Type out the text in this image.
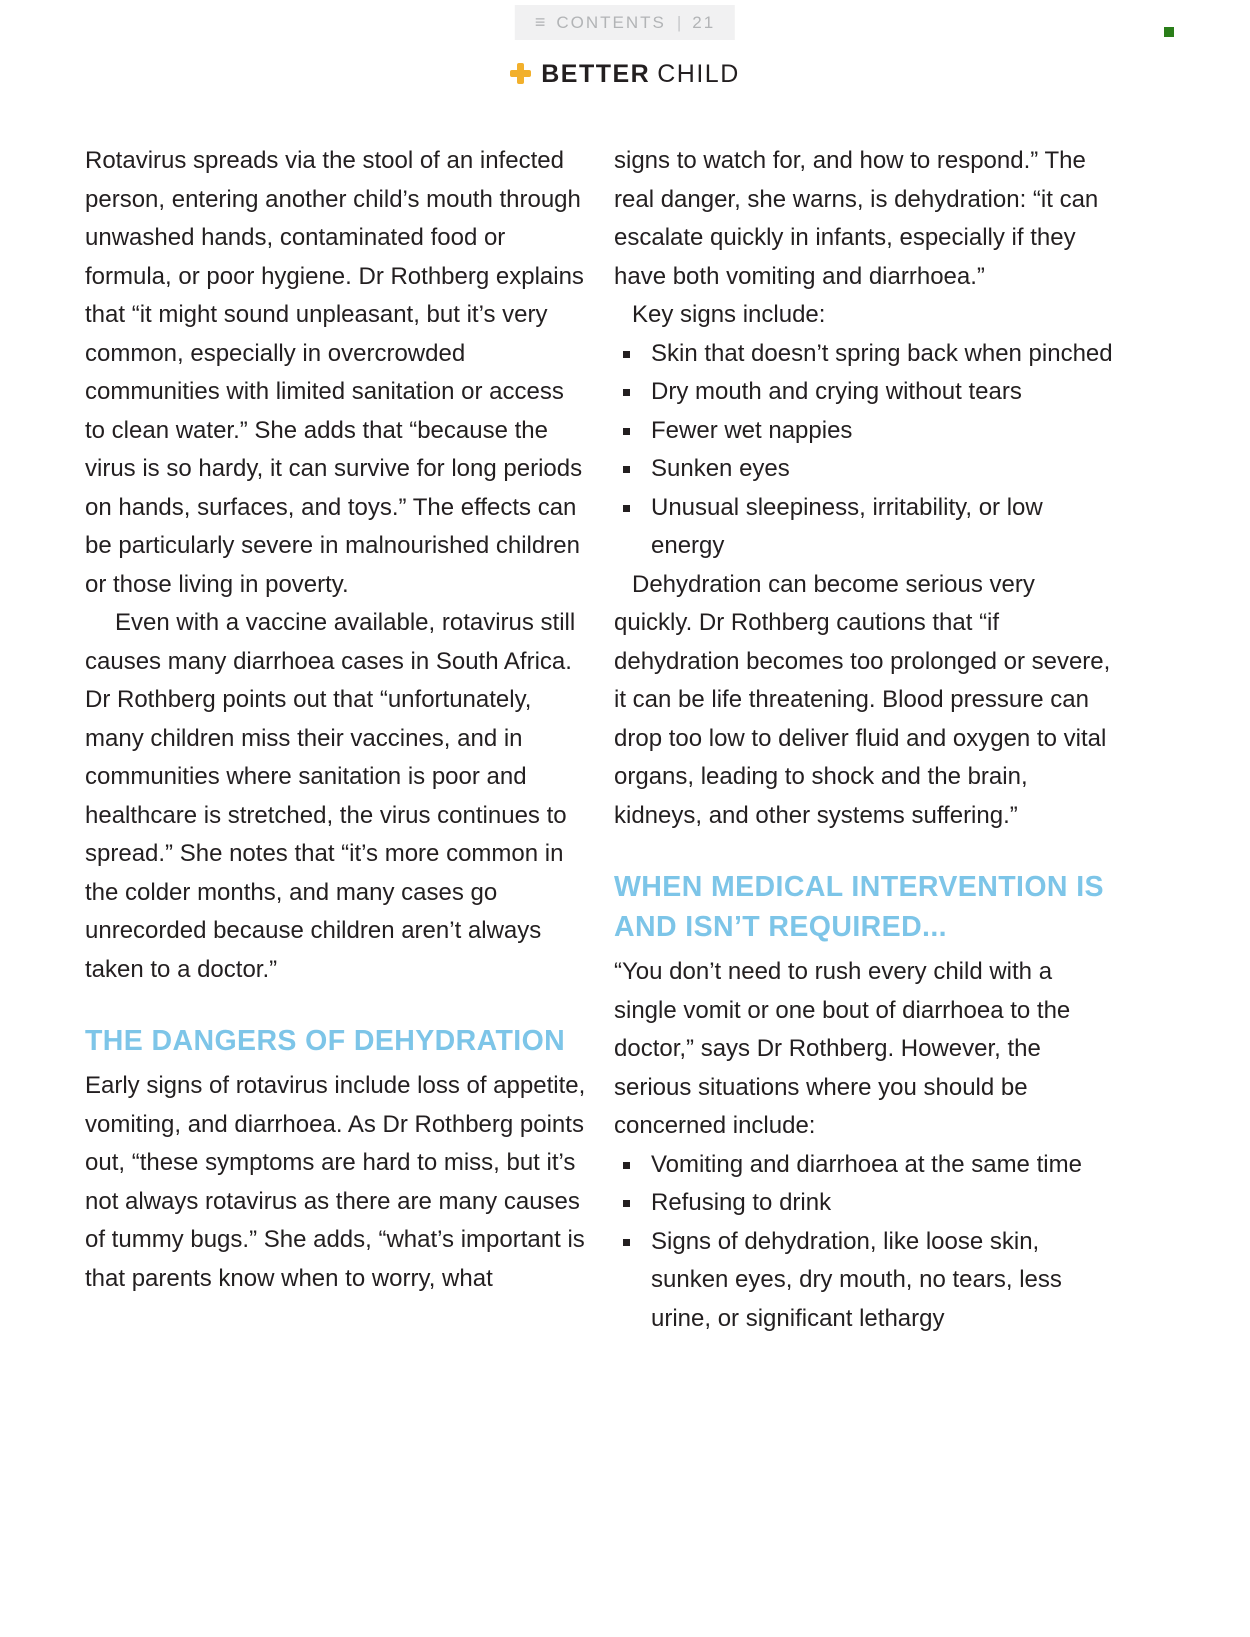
≡ CONTENTS | 21
BETTER CHILD

Rotavirus spreads via the stool of an infected person, entering another child’s mouth through unwashed hands, contaminated food or formula, or poor hygiene. Dr Rothberg explains that “it might sound unpleasant, but it’s very common, especially in overcrowded communities with limited sanitation or access to clean water.” She adds that “because the virus is so hardy, it can survive for long periods on hands, surfaces, and toys.” The effects can be particularly severe in malnourished children or those living in poverty.

Even with a vaccine available, rotavirus still causes many diarrhoea cases in South Africa. Dr Rothberg points out that “unfortunately, many children miss their vaccines, and in communities where sanitation is poor and healthcare is stretched, the virus continues to spread.” She notes that “it’s more common in the colder months, and many cases go unrecorded because children aren’t always taken to a doctor.”

THE DANGERS OF DEHYDRATION

Early signs of rotavirus include loss of appetite, vomiting, and diarrhoea. As Dr Rothberg points out, “these symptoms are hard to miss, but it’s not always rotavirus as there are many causes of tummy bugs.” She adds, “what’s important is that parents know when to worry, what

signs to watch for, and how to respond.” The real danger, she warns, is dehydration: “it can escalate quickly in infants, especially if they have both vomiting and diarrhoea.”

Key signs include:

Skin that doesn’t spring back when pinched
Dry mouth and crying without tears
Fewer wet nappies
Sunken eyes
Unusual sleepiness, irritability, or low energy

Dehydration can become serious very quickly. Dr Rothberg cautions that “if dehydration becomes too prolonged or severe, it can be life threatening. Blood pressure can drop too low to deliver fluid and oxygen to vital organs, leading to shock and the brain, kidneys, and other systems suffering.”

WHEN MEDICAL INTERVENTION IS AND ISN’T REQUIRED...

“You don’t need to rush every child with a single vomit or one bout of diarrhoea to the doctor,” says Dr Rothberg. However, the serious situations where you should be concerned include:

Vomiting and diarrhoea at the same time
Refusing to drink
Signs of dehydration, like loose skin, sunken eyes, dry mouth, no tears, less urine, or significant lethargy
